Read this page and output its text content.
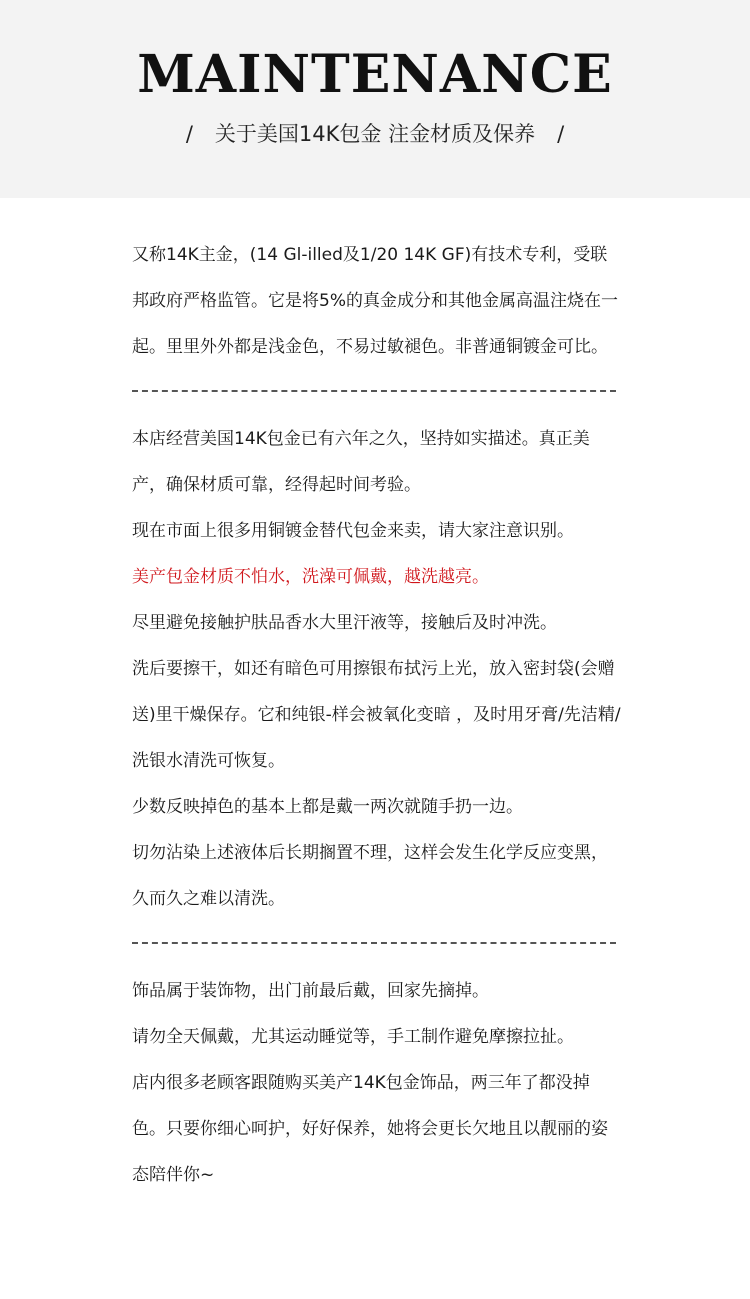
MAINTENANCE
/ 关于美国14K包金 注金材质及保养 /

又称14K主金，(14 Gl-illed及1/20 14K GF)有技术专利，受联邦政府严格监管。它是将5%的真金成分和其他金属高温注烧在一起。里里外外都是浅金色，不易过敏褪色。非普通铜镀金可比。

本店经营美国14K包金已有六年之久，坚持如实描述。真正美产，确保材质可靠，经得起时间考验。

现在市面上很多用铜镀金替代包金来卖，请大家注意识别。

美产包金材质不怕水，洗澡可佩戴，越洗越亮。

尽里避免接触护肤品香水大里汗液等，接触后及时冲洗。

洗后要擦干，如还有暗色可用擦银布拭污上光，放入密封袋(会赠送)里干燥保存。它和纯银-样会被氧化变暗 ，及时用牙膏/先洁精/洗银水清洗可恢复。

少数反映掉色的基本上都是戴一两次就随手扔一边。

切勿沾染上述液体后长期搁置不理，这样会发生化学反应变黑，久而久之难以清洗。

饰品属于装饰物，出门前最后戴，回家先摘掉。

请勿全天佩戴，尤其运动睡觉等，手工制作避免摩擦拉扯。

店内很多老顾客跟随购买美产14K包金饰品，两三年了都没掉色。只要你细心呵护，好好保养，她将会更长欠地且以靓丽的姿态陪伴你~
